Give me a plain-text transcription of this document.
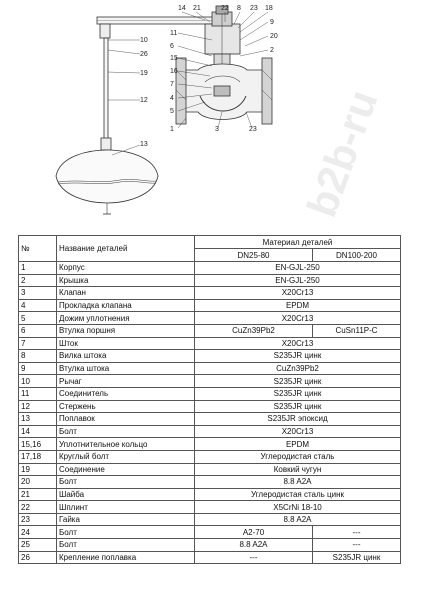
14 21	22 8 23 18
9
20
2
10
26
19
12
13
11
6
15
16
7
4
5
1	3	23 b2b-ru
№	Название деталей	Материал деталей	
		DN25-80	DN100-200
1	Корпус	EN-GJL-250	
2	Крышка	EN-GJL-250	
3	Клапан	X20Cr13	
4	Прокладка клапана	EPDM	
5	Дожим уплотнения	X20Cr13	
6	Втулка поршня	CuZn39Pb2	CuSn11P-C
7	Шток	X20Cr13	
8	Вилка штока	S235JR цинк	
9	Втулка штока	CuZn39Pb2	
10	Рычаг	S235JR цинк	
11	Соединитель	S235JR цинк	
12	Стержень	S235JR цинк	
13	Поплавок	S235JR эпоксид	
14	Болт	X20Cr13	
15,16	Уплотнительное кольцо	EPDM	
17,18	Круглый болт	Углеродистая сталь	
19	Соединение	Ковкий чугун	
20	Болт	8.8 A2A	
21	Шайба	Углеродистая сталь цинк	
22	Шплинт	X5CrNi 18-10	
23	Гайка	8.8 A2A	
24	Болт	A2-70	---
25	Болт	8.8 A2A	---
26	Крепление поплавка	---	S235JR цинк
